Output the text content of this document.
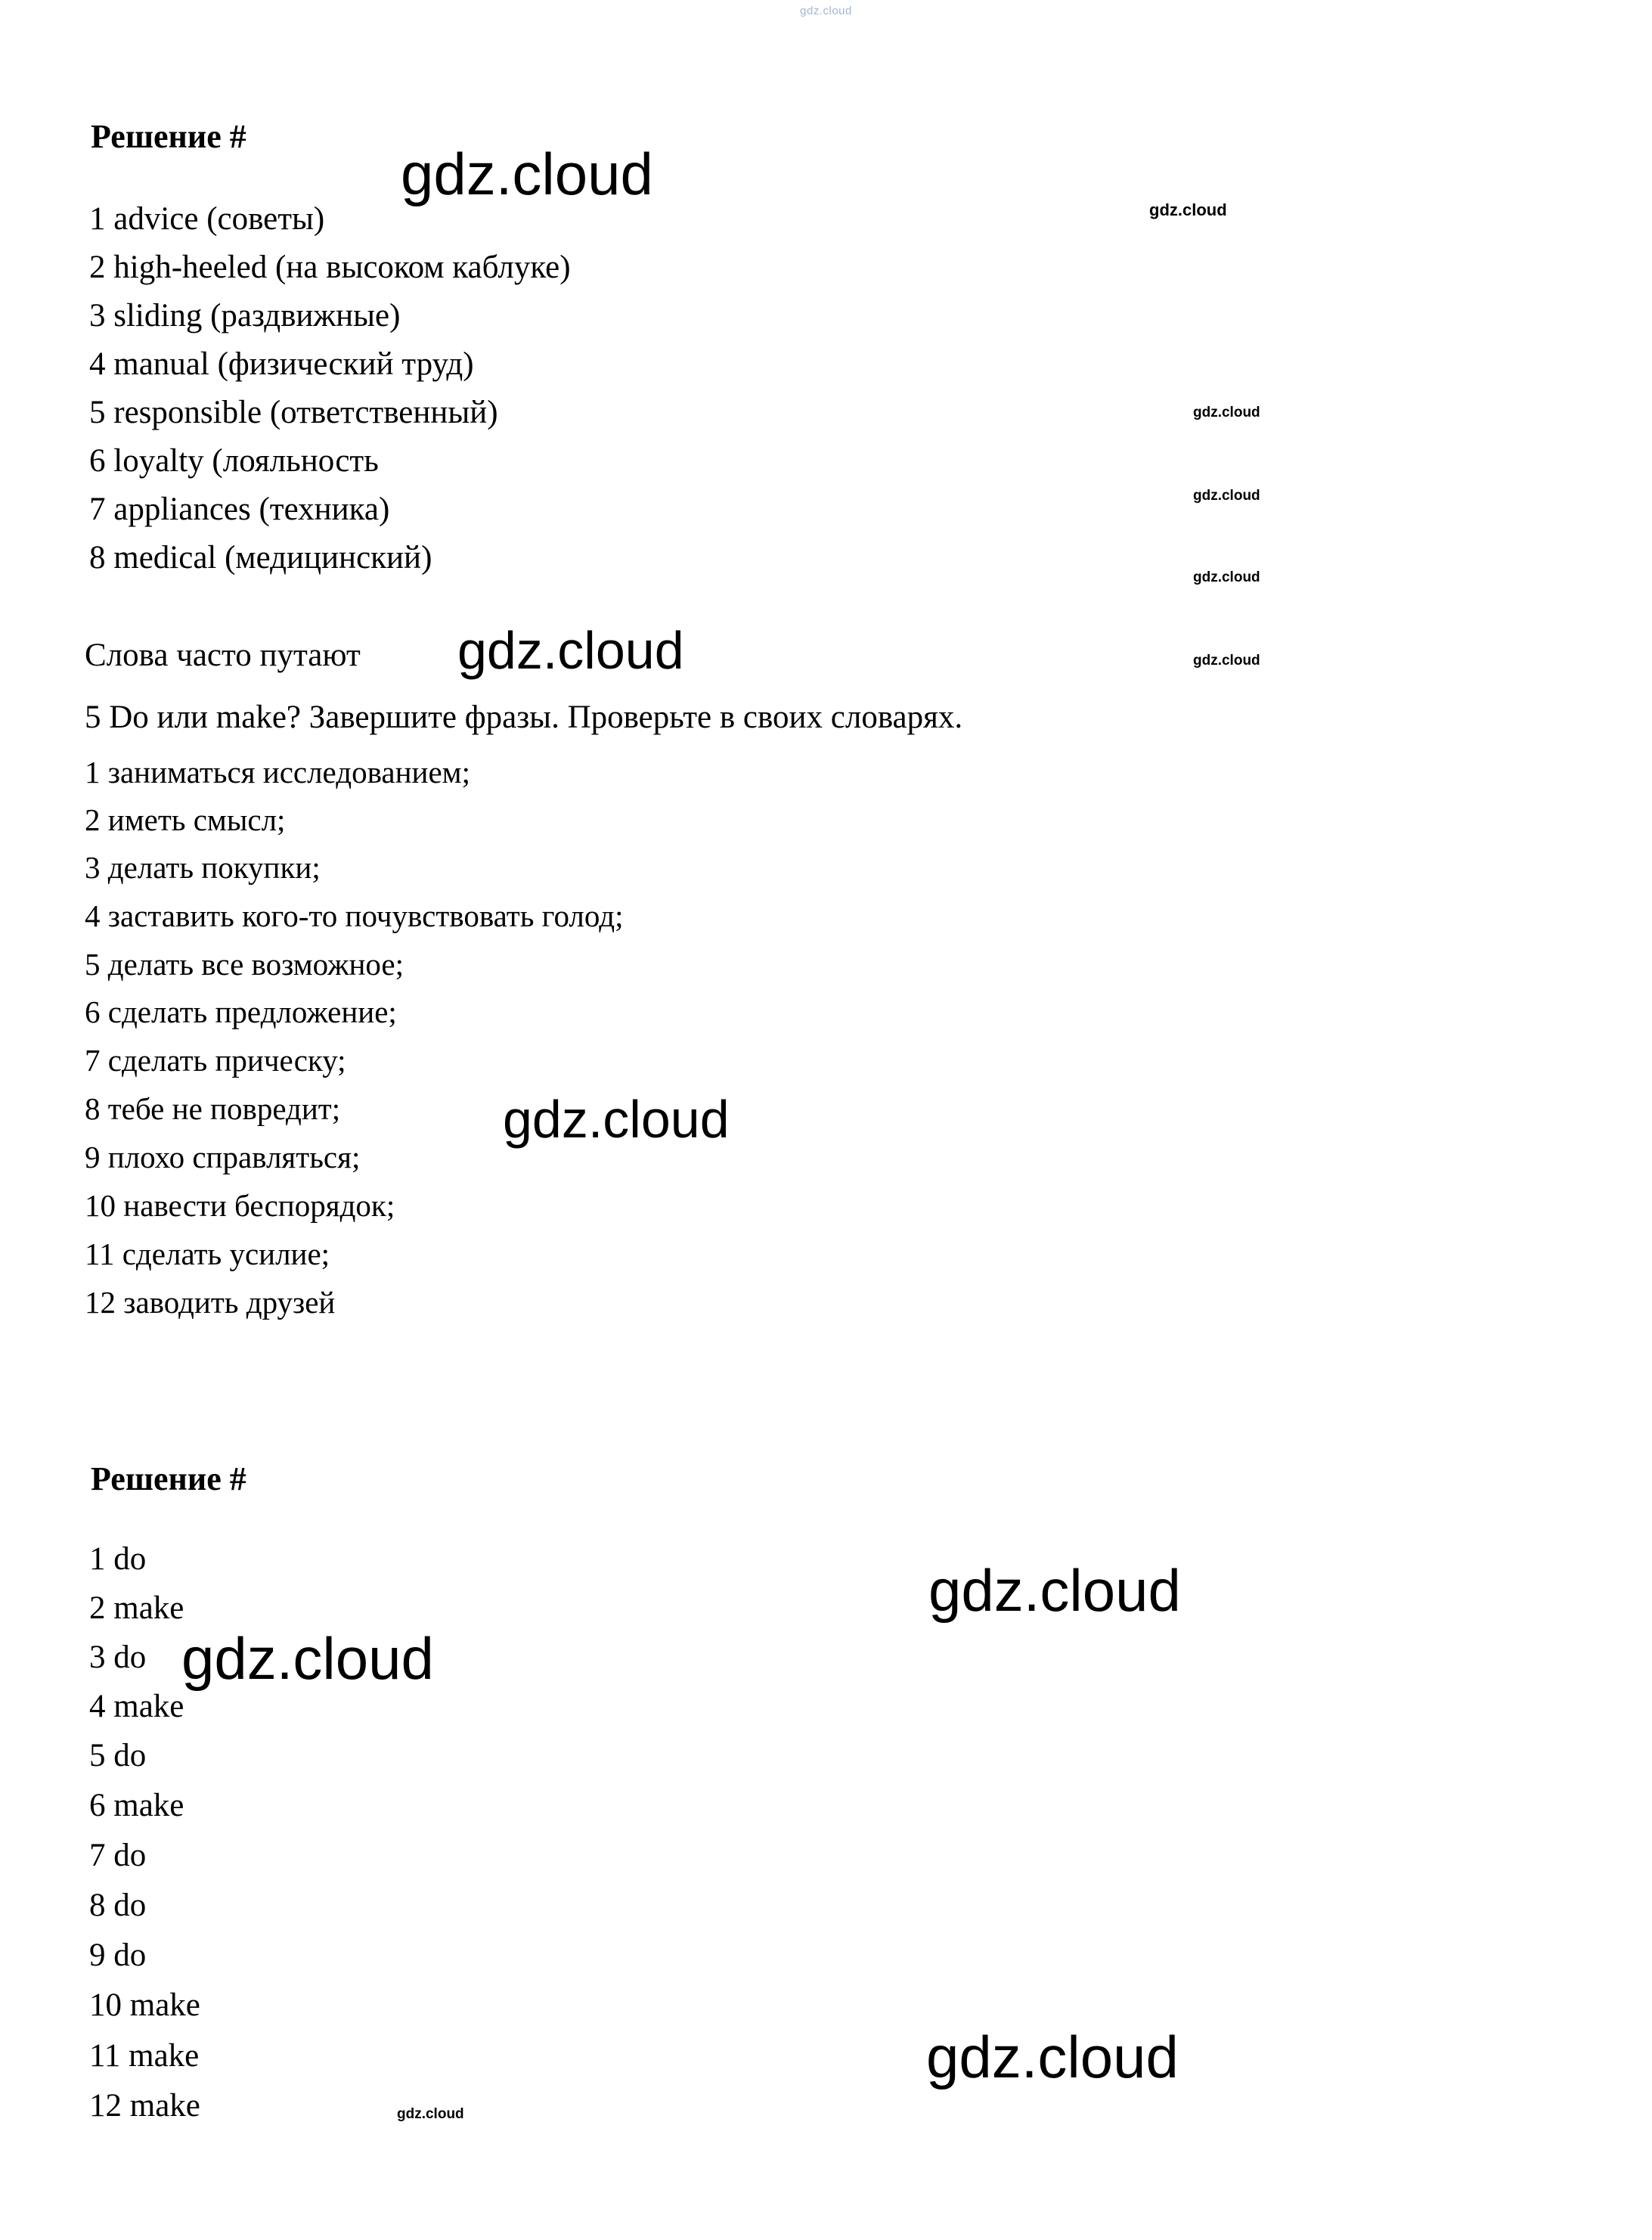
gdz.cloud
Решение #
1 advice (советы)
2 high-heeled (на высоком каблуке)
3 sliding (раздвижные)
4 manual (физический труд)
5 responsible (ответственный)
6 loyalty (лояльность
7 appliances (техника)
8 medical (медицинский)
Слова часто путают
5 Do или make? Завершите фразы. Проверьте в своих словарях.
1 заниматься исследованием;
2 иметь смысл;
3 делать покупки;
4 заставить кого-то почувствовать голод;
5 делать все возможное;
6 сделать предложение;
7 сделать прическу;
8 тебе не повредит;
9 плохо справляться;
10 навести беспорядок;
11 сделать усилие;
12 заводить друзей
Решение #
1 do
2 make
3 do
4 make
5 do
6 make
7 do
8 do
9 do
10 make
11 make
12 make
gdz.cloud
gdz.cloud
gdz.cloud
gdz.cloud
gdz.cloud
gdz.cloud
gdz.cloud
gdz.cloud
gdz.cloud
gdz.cloud
gdz.cloud
gdz.cloud
